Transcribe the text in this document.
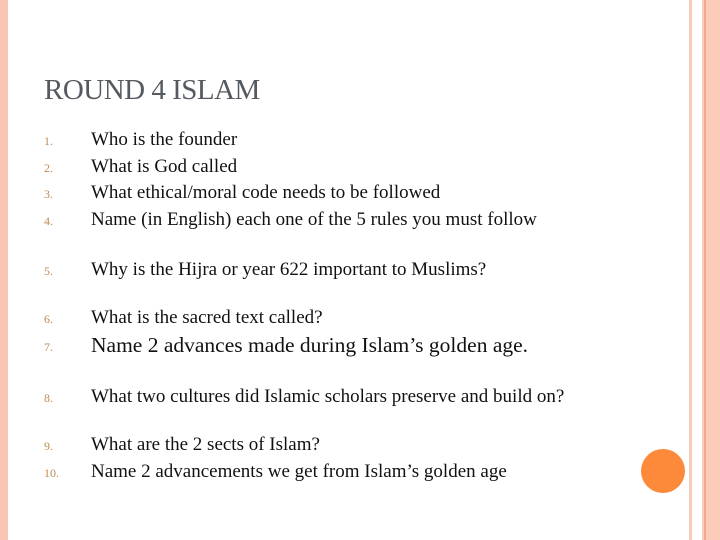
ROUND 4 ISLAM
1. Who is the founder
2. What is God called
3. What ethical/moral code needs to be followed
4. Name (in English) each one of the 5 rules you must follow
5. Why is the Hijra or year 622 important to Muslims?
6. What is the sacred text called?
7. Name 2 advances made during Islam’s golden age.
8. What two cultures did Islamic scholars preserve and build on?
9. What are the 2 sects of Islam?
10. Name 2 advancements we get from Islam’s golden age
